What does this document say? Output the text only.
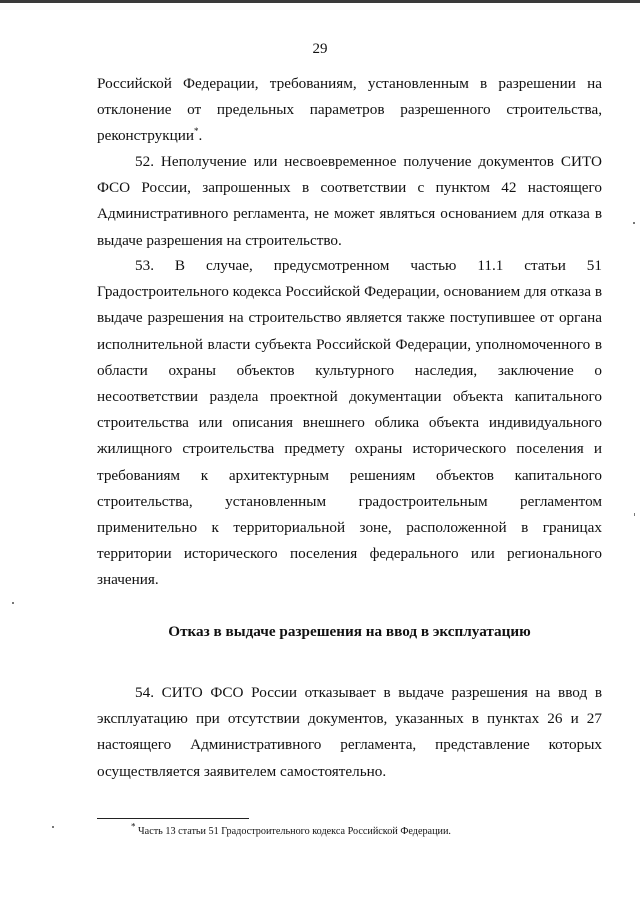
29

Российской Федерации, требованиям, установленным в разрешении на отклонение от предельных параметров разрешенного строительства, реконструкции*.

52. Неполучение или несвоевременное получение документов СИТО ФСО России, запрошенных в соответствии с пунктом 42 настоящего Административного регламента, не может являться основанием для отказа в выдаче разрешения на строительство.

53. В случае, предусмотренном частью 11.1 статьи 51 Градостроительного кодекса Российской Федерации, основанием для отказа в выдаче разрешения на строительство является также поступившее от органа исполнительной власти субъекта Российской Федерации, уполномоченного в области охраны объектов культурного наследия, заключение о несоответствии раздела проектной документации объекта капитального строительства или описания внешнего облика объекта индивидуального жилищного строительства предмету охраны исторического поселения и требованиям к архитектурным решениям объектов капитального строительства, установленным градостроительным регламентом применительно к территориальной зоне, расположенной в границах территории исторического поселения федерального или регионального значения.

Отказ в выдаче разрешения на ввод в эксплуатацию

54. СИТО ФСО России отказывает в выдаче разрешения на ввод в эксплуатацию при отсутствии документов, указанных в пунктах 26 и 27 настоящего Административного регламента, представление которых осуществляется заявителем самостоятельно.

* Часть 13 статьи 51 Градостроительного кодекса Российской Федерации.
